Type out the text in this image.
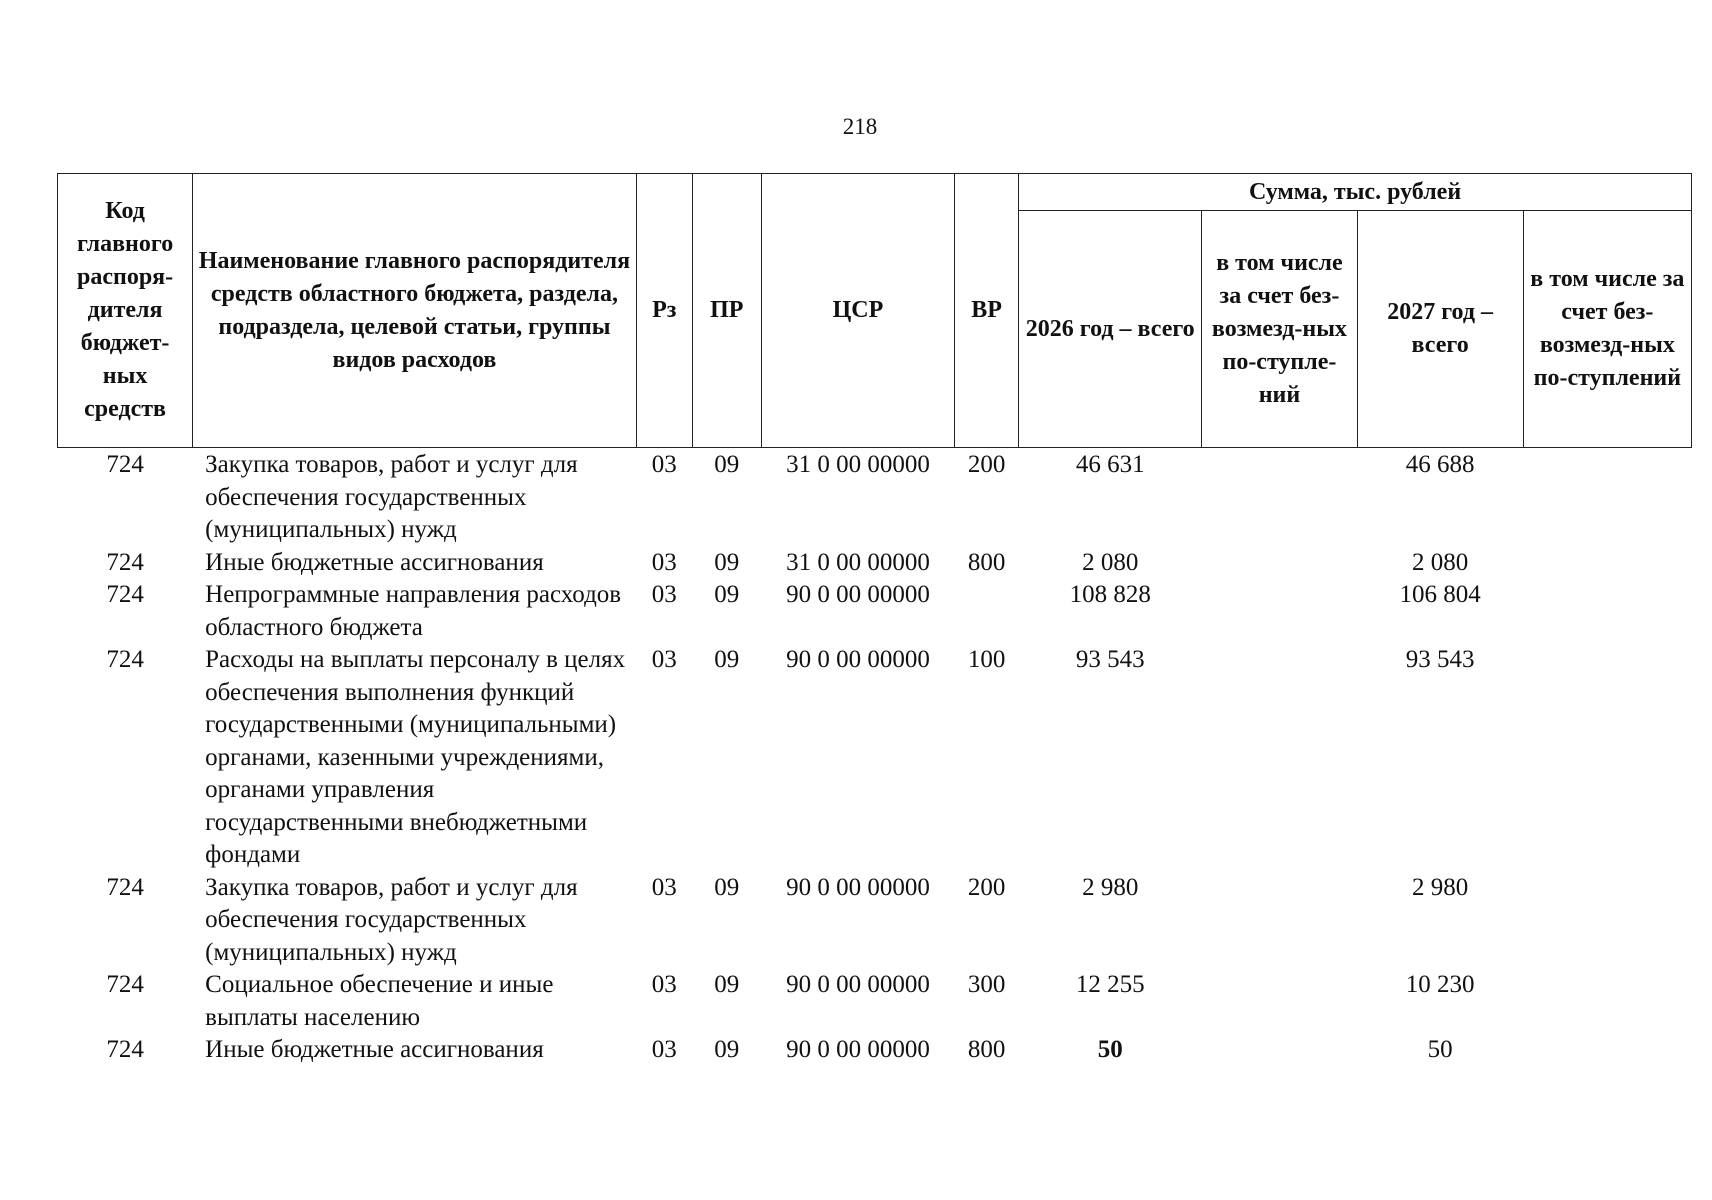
218
Код главного распоря-дителя бюджет-ных средств	Наименование главного распорядителя средств областного бюджета, раздела, подраздела, целевой статьи, группы видов расходов	Рз	ПР	ЦСР	ВР	Сумма, тыс. рублей			
						2026 год – всего	в том числе за счет без-возмезд-ных по-ступле-ний	2027 год – всего	в том числе за счет без-возмезд-ных по-ступлений
724	Закупка товаров, работ и услуг для обеспечения государственных (муниципальных) нужд	03	09	31 0 00 00000	200	46 631		46 688	
724	Иные бюджетные ассигнования	03	09	31 0 00 00000	800	2 080		2 080	
724	Непрограммные направления расходов областного бюджета	03	09	90 0 00 00000		108 828		106 804	
724	Расходы на выплаты персоналу в целях обеспечения выполнения функций государственными (муниципальными) органами, казенными учреждениями, органами управления государственными внебюджетными фондами	03	09	90 0 00 00000	100	93 543		93 543	
724	Закупка товаров, работ и услуг для обеспечения государственных (муниципальных) нужд	03	09	90 0 00 00000	200	2 980		2 980	
724	Социальное обеспечение и иные выплаты населению	03	09	90 0 00 00000	300	12 255		10 230	
724	Иные бюджетные ассигнования	03	09	90 0 00 00000	800	50		50	
